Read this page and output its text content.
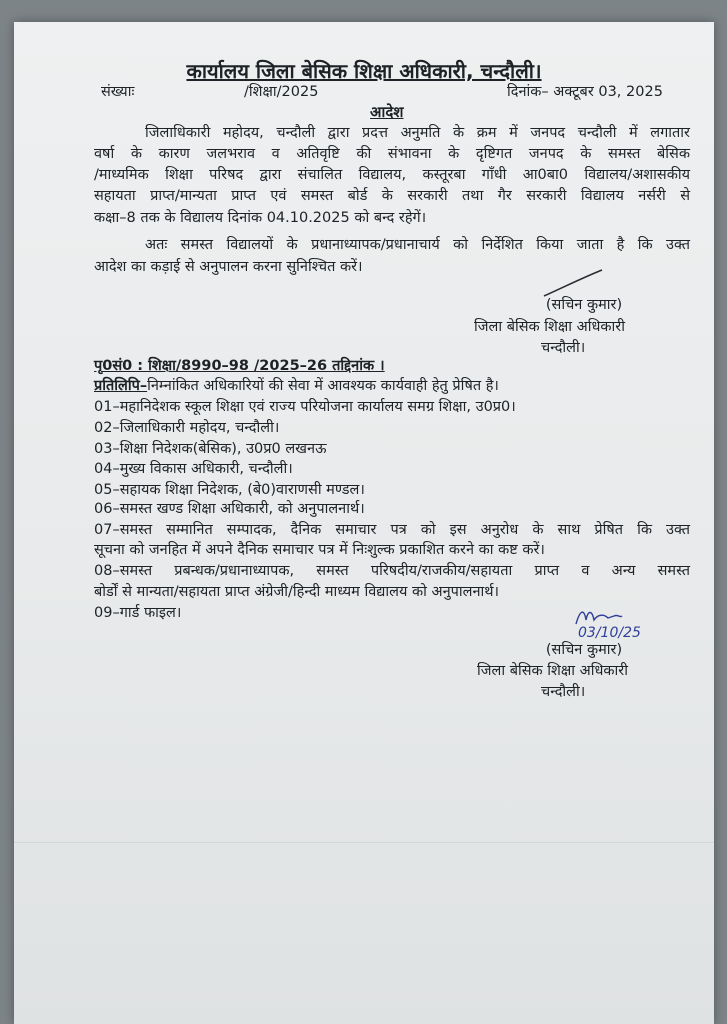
कार्यालय जिला बेसिक शिक्षा अधिकारी, चन्दौली।
संख्याः	/शिक्षा/2025	दिनांक– अक्टूबर 03, 2025
आदेश
जिलाधिकारी महोदय, चन्दौली द्वारा प्रदत्त अनुमति के क्रम में जनपद चन्दौली में लगातार
वर्षा के कारण जलभराव व अतिवृष्टि की संभावना के दृष्टिगत जनपद के समस्त बेसिक
/माध्यमिक शिक्षा परिषद द्वारा संचालित विद्यालय, कस्तूरबा गाँधी आ0बा0 विद्यालय/अशासकीय
सहायता प्राप्त/मान्यता प्राप्त एवं समस्त बोर्ड के सरकारी तथा गैर सरकारी विद्यालय नर्सरी से
कक्षा–8 तक के विद्यालय दिनांक 04.10.2025 को बन्द रहेगें।
अतः समस्त विद्यालयों के प्रधानाध्यापक/प्रधानाचार्य को निर्देशित किया जाता है कि उक्त
आदेश का कड़ाई से अनुपालन करना सुनिश्चित करें।
(सचिन कुमार)
जिला बेसिक शिक्षा अधिकारी
चन्दौली।
पृ0सं0 : शिक्षा/8990–98 /2025–26 तद्दिनांक ।
प्रतिलिपि–निम्नांकित अधिकारियों की सेवा में आवश्यक कार्यवाही हेतु प्रेषित है।
01–महानिदेशक स्कूल शिक्षा एवं राज्य परियोजना कार्यालय समग्र शिक्षा, उ0प्र0।
02–जिलाधिकारी महोदय, चन्दौली।
03–शिक्षा निदेशक(बेसिक), उ0प्र0 लखनऊ
04–मुख्य विकास अधिकारी, चन्दौली।
05–सहायक शिक्षा निदेशक, (बे0)वाराणसी मण्डल।
06–समस्त खण्ड शिक्षा अधिकारी, को अनुपालनार्थ।
07–समस्त सम्मानित सम्पादक, दैनिक समाचार पत्र को इस अनुरोध के साथ प्रेषित कि उक्त
सूचना को जनहित में अपने दैनिक समाचार पत्र में निःशुल्क प्रकाशित करने का कष्ट करें।
08–समस्त प्रबन्धक/प्रधानाध्यापक, समस्त परिषदीय/राजकीय/सहायता प्राप्त व अन्य समस्त
बोर्डों से मान्यता/सहायता प्राप्त अंग्रेजी/हिन्दी माध्यम विद्यालय को अनुपालनार्थ।
09–गार्ड फाइल।
03/10/25
(सचिन कुमार)
जिला बेसिक शिक्षा अधिकारी
चन्दौली।
